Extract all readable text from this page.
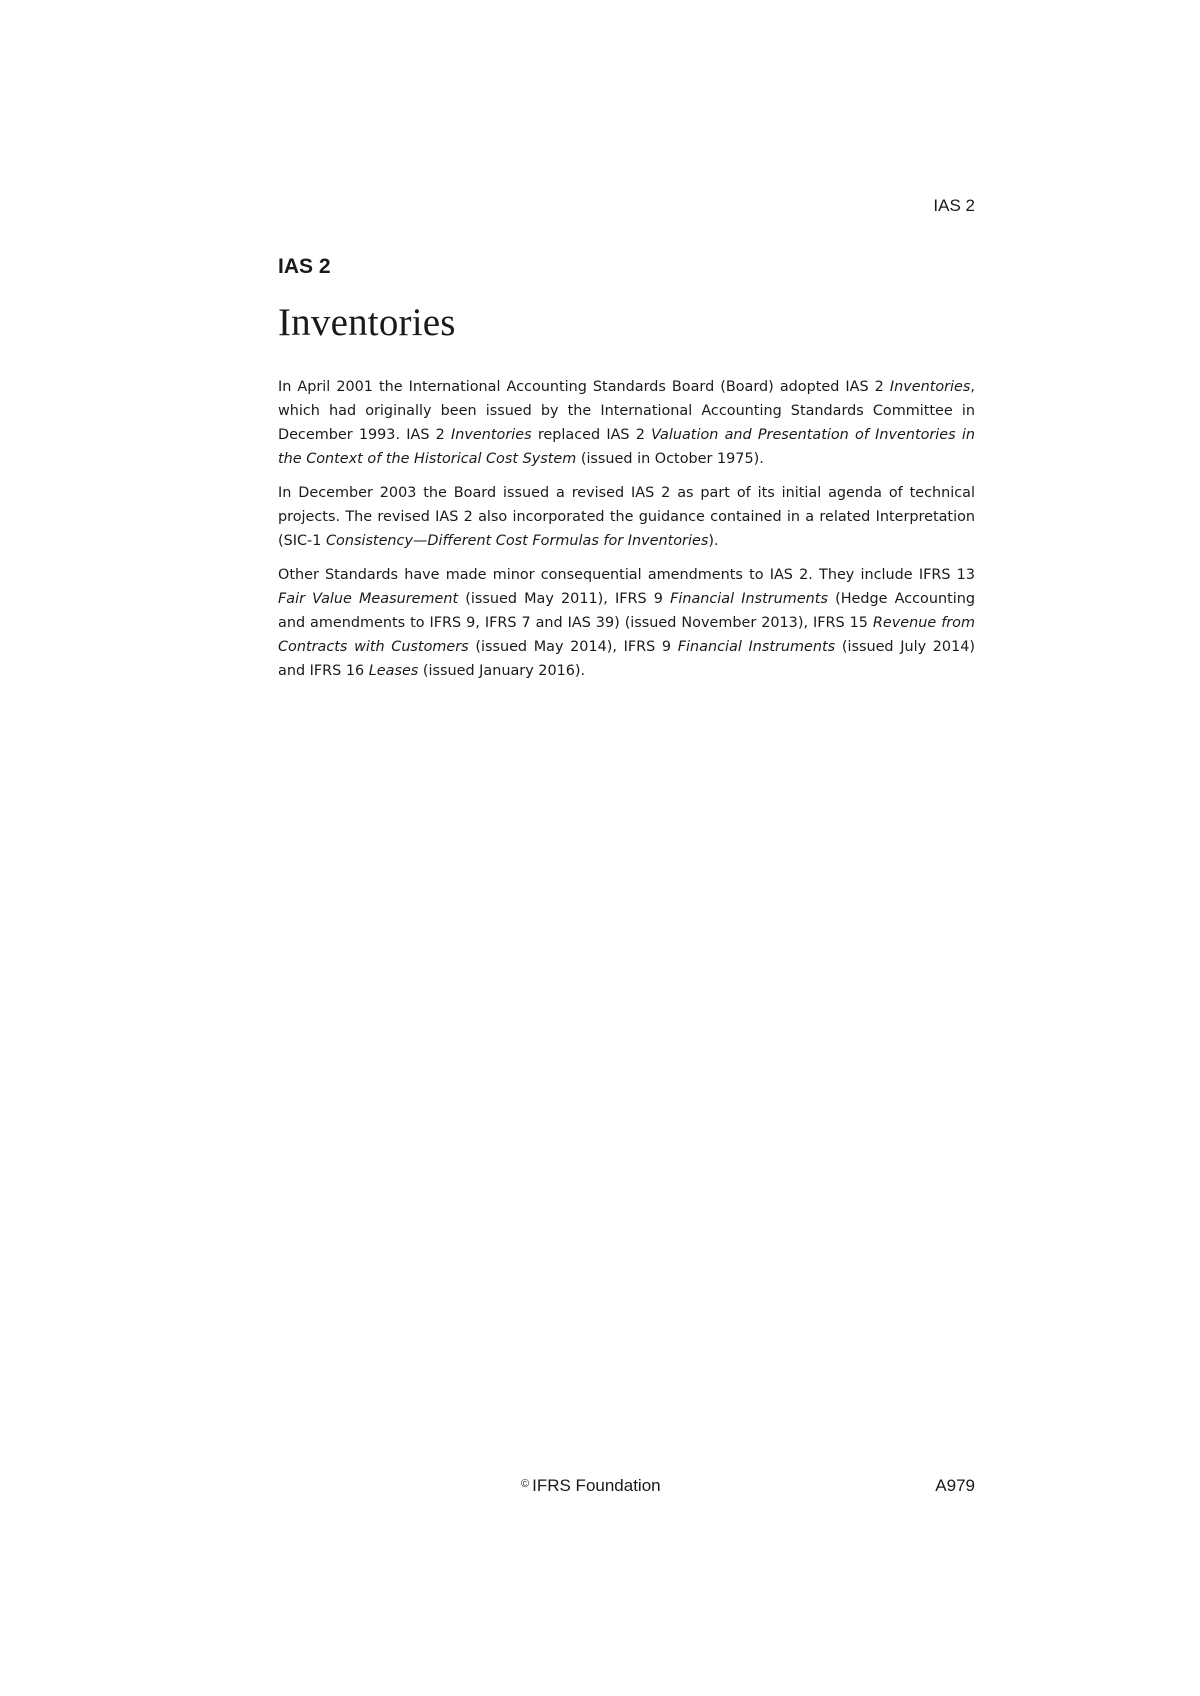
IAS 2
IAS 2
Inventories

In April 2001 the International Accounting Standards Board (Board) adopted IAS 2 Inventories, which had originally been issued by the International Accounting Standards Committee in December 1993. IAS 2 Inventories replaced IAS 2 Valuation and Presentation of Inventories in the Context of the Historical Cost System (issued in October 1975).

In December 2003 the Board issued a revised IAS 2 as part of its initial agenda of technical projects. The revised IAS 2 also incorporated the guidance contained in a related Interpretation (SIC-1 Consistency—Different Cost Formulas for Inventories).

Other Standards have made minor consequential amendments to IAS 2. They include IFRS 13 Fair Value Measurement (issued May 2011), IFRS 9 Financial Instruments (Hedge Accounting and amendments to IFRS 9, IFRS 7 and IAS 39) (issued November 2013), IFRS 15 Revenue from Contracts with Customers (issued May 2014), IFRS 9 Financial Instruments (issued July 2014) and IFRS 16 Leases (issued January 2016).

© IFRS Foundation	A979
